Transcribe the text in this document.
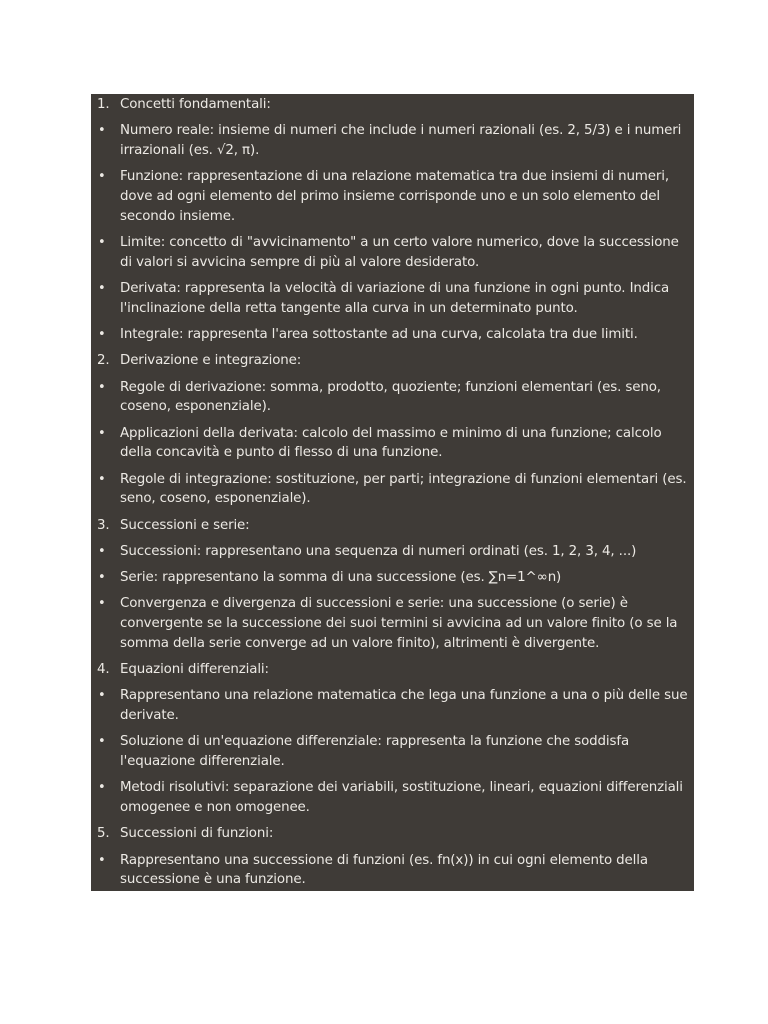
1. Concetti fondamentali:
•	Numero reale: insieme di numeri che include i numeri razionali (es. 2, 5/3) e i numeri irrazionali (es. √2, π).
•	Funzione: rappresentazione di una relazione matematica tra due insiemi di numeri, dove ad ogni elemento del primo insieme corrisponde uno e un solo elemento del secondo insieme.
•	Limite: concetto di "avvicinamento" a un certo valore numerico, dove la successione di valori si avvicina sempre di più al valore desiderato.
•	Derivata: rappresenta la velocità di variazione di una funzione in ogni punto. Indica l'inclinazione della retta tangente alla curva in un determinato punto.
•	Integrale: rappresenta l'area sottostante ad una curva, calcolata tra due limiti.
2. Derivazione e integrazione:
•	Regole di derivazione: somma, prodotto, quoziente; funzioni elementari (es. seno, coseno, esponenziale).
•	Applicazioni della derivata: calcolo del massimo e minimo di una funzione; calcolo della concavità e punto di flesso di una funzione.
•	Regole di integrazione: sostituzione, per parti; integrazione di funzioni elementari (es. seno, coseno, esponenziale).
3. Successioni e serie:
•	Successioni: rappresentano una sequenza di numeri ordinati (es. 1, 2, 3, 4, ...)
•	Serie: rappresentano la somma di una successione (es. ∑n=1^∞n)
•	Convergenza e divergenza di successioni e serie: una successione (o serie) è convergente se la successione dei suoi termini si avvicina ad un valore finito (o se la somma della serie converge ad un valore finito), altrimenti è divergente.
4. Equazioni differenziali:
•	Rappresentano una relazione matematica che lega una funzione a una o più delle sue derivate.
•	Soluzione di un'equazione differenziale: rappresenta la funzione che soddisfa l'equazione differenziale.
•	Metodi risolutivi: separazione dei variabili, sostituzione, lineari, equazioni differenziali omogenee e non omogenee.
5. Successioni di funzioni:
•	Rappresentano una successione di funzioni (es. fn(x)) in cui ogni elemento della successione è una funzione.
